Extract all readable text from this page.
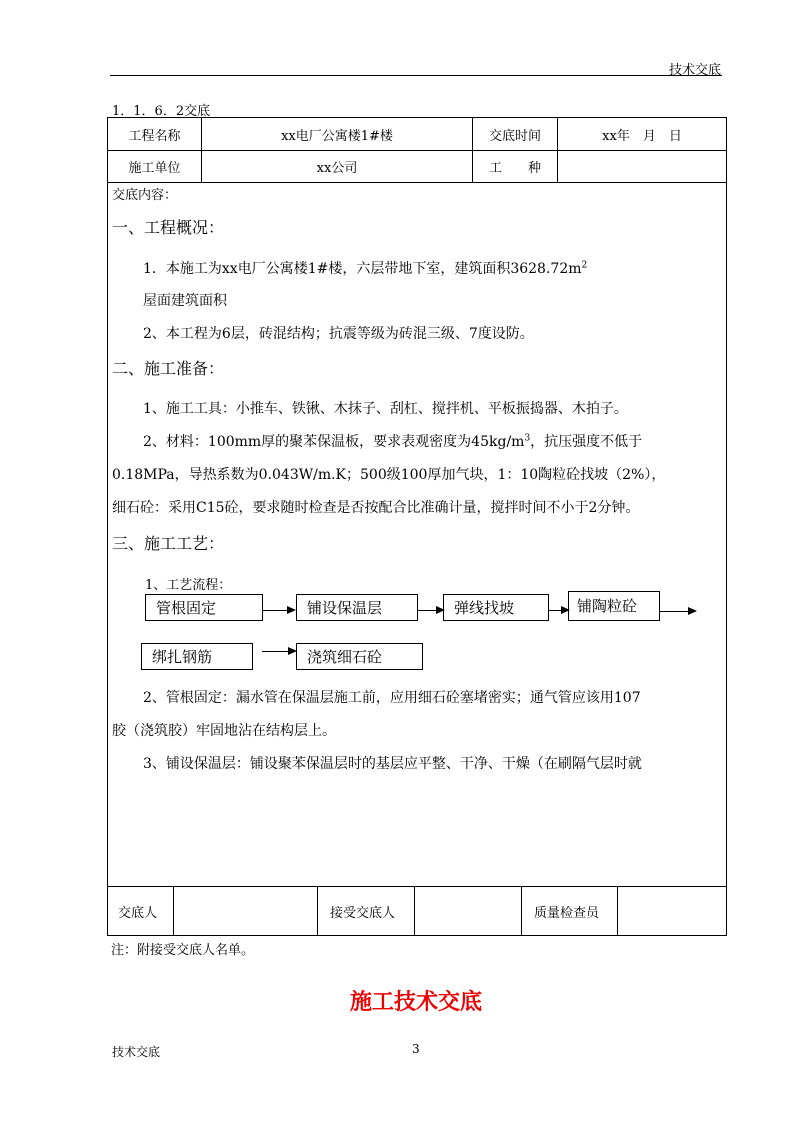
技术交底
1．1．6．2交底
工程名称	xx电厂公寓楼1#楼	交底时间	xx年　月　日
施工单位	xx公司	工　　种
交底人	接受交底人	质量检查员
交底内容：
一、工程概况：
1．本施工为xx电厂公寓楼1#楼，六层带地下室，建筑面积$3628.72m^2$
屋面建筑面积
2、本工程为6层，砖混结构；抗震等级为砖混三级、7度设防。
二、施工准备：
1、施工工具：小推车、铁锹、木抹子、刮杠、搅拌机、平板振捣器、木拍子。
2、材料：100mm厚的聚苯保温板，要求表观密度为$45kg/m^3$，抗压强度不低于
0.18MPa，导热系数为0.043W/m.K；500级100厚加气块，1：10陶粒砼找坡（2%），
细石砼：采用C15砼，要求随时检查是否按配合比准确计量，搅拌时间不小于2分钟。
三、施工工艺：
1、工艺流程：
管根固定	铺设保温层	弹线找坡	铺陶粒砼
绑扎钢筋	浇筑细石砼
2、管根固定：漏水管在保温层施工前，应用细石砼塞堵密实；通气管应该用107
胶（浇筑胶）牢固地沾在结构层上。
3、铺设保温层：铺设聚苯保温层时的基层应平整、干净、干燥（在刷隔气层时就
注：附接受交底人名单。
施工技术交底
技术交底	3
